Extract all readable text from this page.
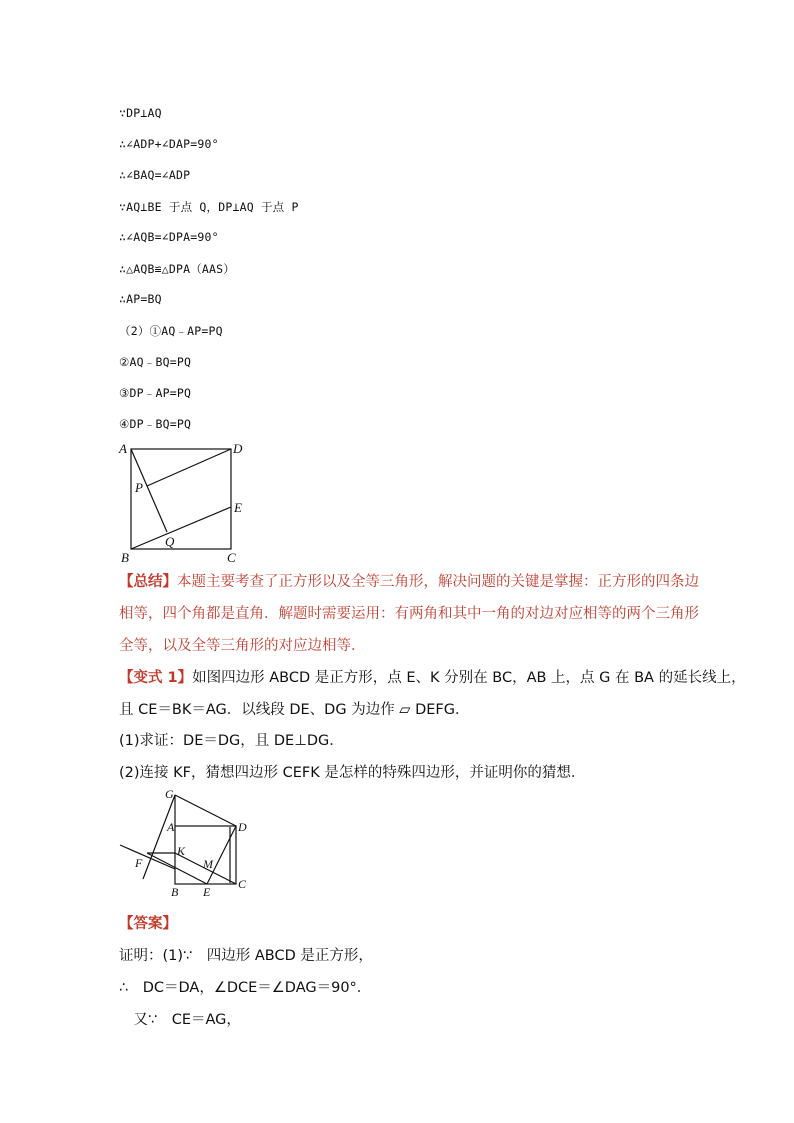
∵DP⊥AQ
∴∠ADP+∠DAP=90°
∴∠BAQ=∠ADP
∵AQ⊥BE 于点 Q，DP⊥AQ 于点 P
∴∠AQB=∠DPA=90°
∴△AQB≌△DPA（AAS）
∴AP=BQ
（2）①AQ﹣AP=PQ
②AQ﹣BQ=PQ
③DP﹣AP=PQ
④DP﹣BQ=PQ
A	D
P
E
Q
B	C
【总结】本题主要考查了正方形以及全等三角形，解决问题的关键是掌握：正方形的四条边
相等，四个角都是直角．解题时需要运用：有两角和其中一角的对边对应相等的两个三角形
全等，以及全等三角形的对应边相等．
【变式 1】如图四边形 ABCD 是正方形，点 E、K 分别在 BC，AB 上，点 G 在 BA 的延长线上，
且 CE＝BK＝AG．以线段 DE、DG 为边作 ▱ DEFG．
(1)求证：DE＝DG，且 DE⊥DG．
(2)连接 KF，猜想四边形 CEFK 是怎样的特殊四边形，并证明你的猜想．
G
A	D
K
M
F
B E
C
【答案】
证明：(1)∵　四边形 ABCD 是正方形，
∴　DC＝DA，∠DCE＝∠DAG＝90°．
　又∵　CE＝AG，
